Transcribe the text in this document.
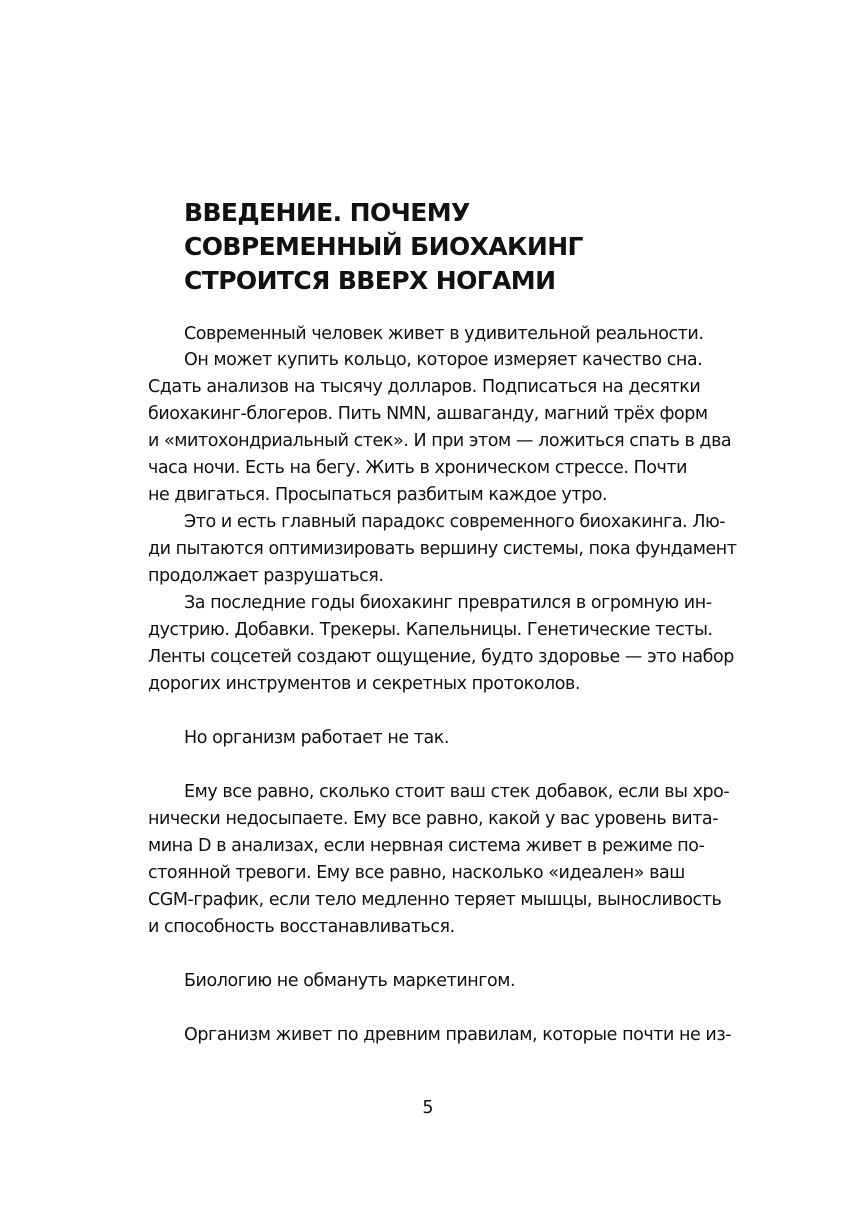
ВВЕДЕНИЕ. ПОЧЕМУ
СОВРЕМЕННЫЙ БИОХАКИНГ
СТРОИТСЯ ВВЕРХ НОГАМИ

Современный человек живет в удивительной реальности.

Он может купить кольцо, которое измеряет качество сна.

Сдать анализов на тысячу долларов. Подписаться на десятки

биохакинг-блогеров. Пить NMN, ашваганду, магний трёх форм

и «митохондриальный стек». И при этом — ложиться спать в два

часа ночи. Есть на бегу. Жить в хроническом стрессе. Почти

не двигаться. Просыпаться разбитым каждое утро.

Это и есть главный парадокс современного биохакинга. Лю-

ди пытаются оптимизировать вершину системы, пока фундамент

продолжает разрушаться.

За последние годы биохакинг превратился в огромную ин-

дустрию. Добавки. Трекеры. Капельницы. Генетические тесты.

Ленты соцсетей создают ощущение, будто здоровье — это набор

дорогих инструментов и секретных протоколов.

Но организм работает не так.

Ему все равно, сколько стоит ваш стек добавок, если вы хро-

нически недосыпаете. Ему все равно, какой у вас уровень вита-

мина D в анализах, если нервная система живет в режиме по-

стоянной тревоги. Ему все равно, насколько «идеален» ваш

CGM-график, если тело медленно теряет мышцы, выносливость

и способность восстанавливаться.

Биологию не обмануть маркетингом.

Организм живет по древним правилам, которые почти не из-

5
